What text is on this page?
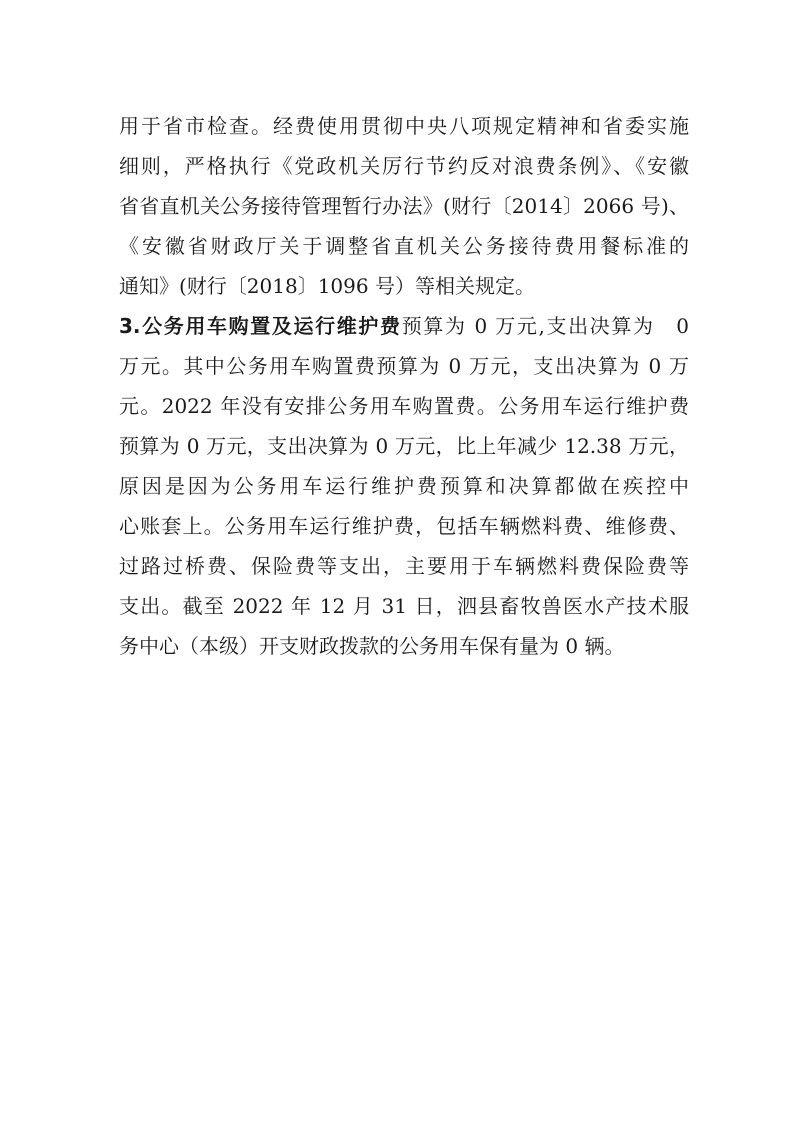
用于省市检查。经费使用贯彻中央八项规定精神和省委实施
细则，严格执行《党政机关厉行节约反对浪费条例》、《安徽
省省直机关公务接待管理暂行办法》(财行〔2014〕2066 号)、
《安徽省财政厅关于调整省直机关公务接待费用餐标准的
通知》(财行〔2018〕1096 号）等相关规定。
3.公务用车购置及运行维护费预算为 0 万元,支出决算为　0
万元。其中公务用车购置费预算为 0 万元，支出决算为 0 万
元。2022 年没有安排公务用车购置费。公务用车运行维护费
预算为 0 万元，支出决算为 0 万元，比上年减少 12.38 万元，
原因是因为公务用车运行维护费预算和决算都做在疾控中
心账套上。公务用车运行维护费，包括车辆燃料费、维修费、
过路过桥费、保险费等支出，主要用于车辆燃料费保险费等
支出。截至 2022 年 12 月 31 日，泗县畜牧兽医水产技术服
务中心（本级）开支财政拨款的公务用车保有量为 0 辆。
